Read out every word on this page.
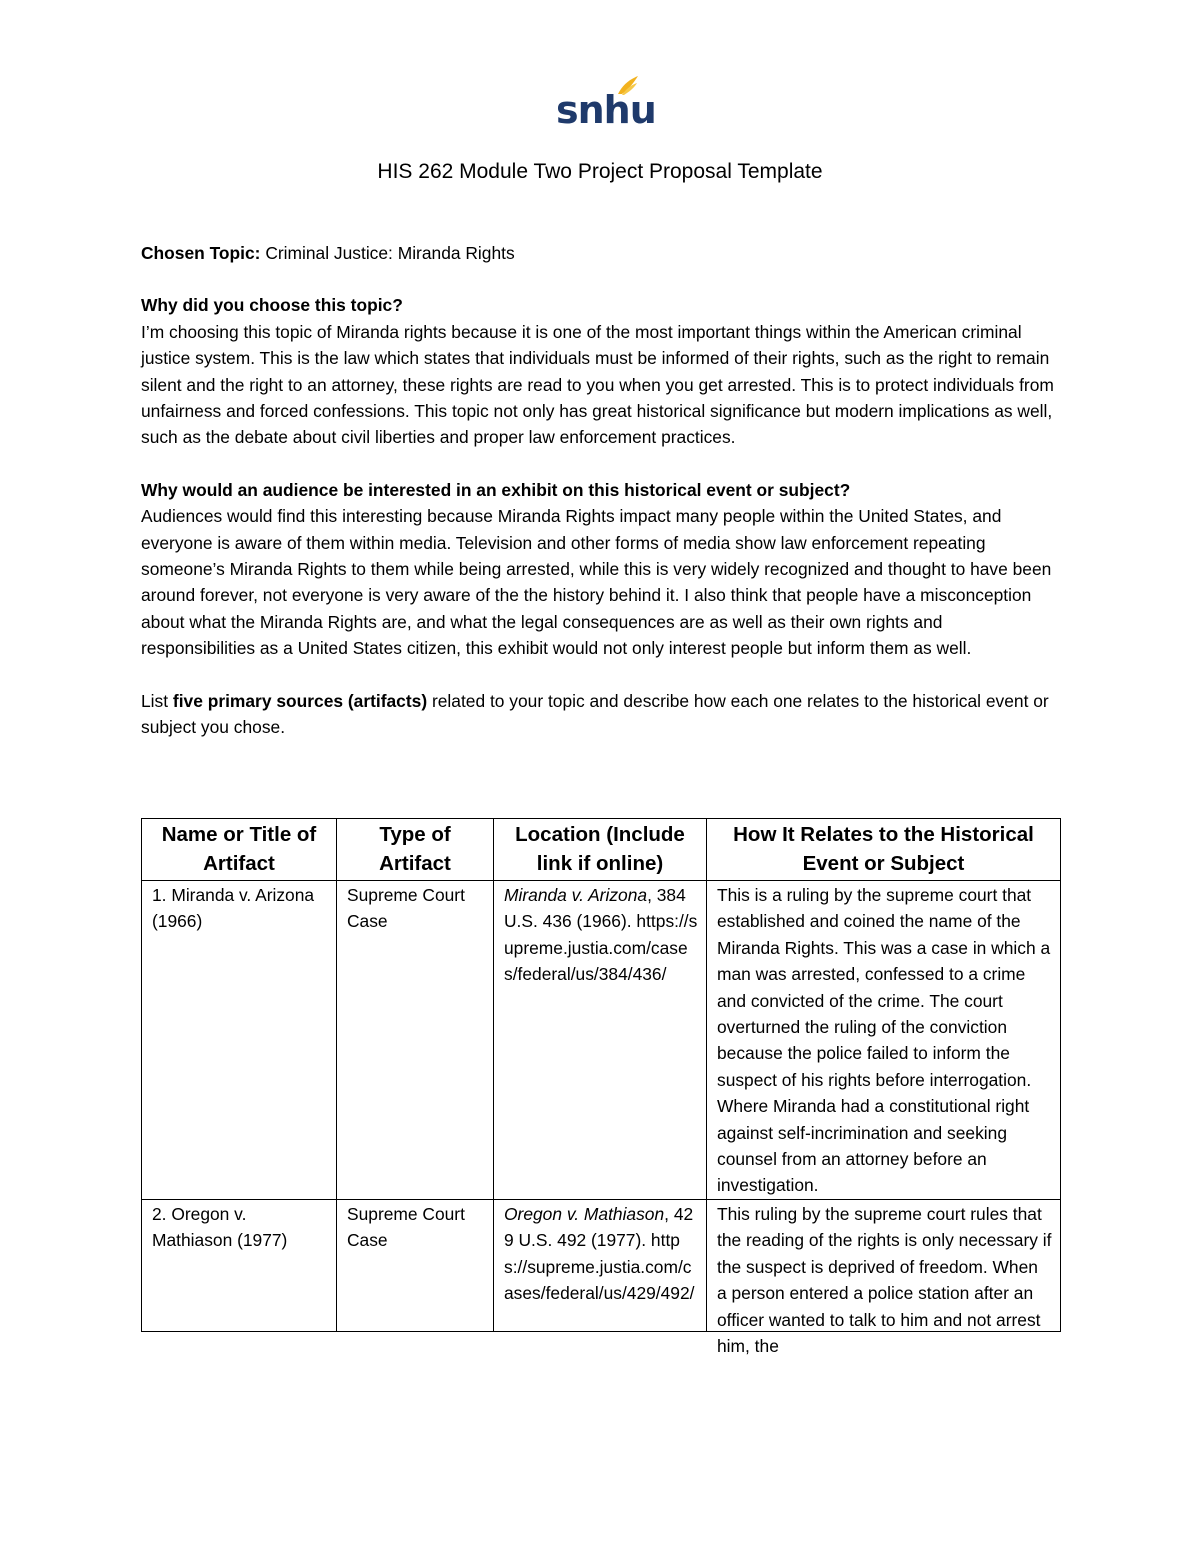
snhu
HIS 262 Module Two Project Proposal Template

Chosen Topic: Criminal Justice: Miranda Rights

Why did you choose this topic?

I’m choosing this topic of Miranda rights because it is one of the most important things within the American criminal justice system. This is the law which states that individuals must be informed of their rights, such as the right to remain silent and the right to an attorney, these rights are read to you when you get arrested. This is to protect individuals from unfairness and forced confessions. This topic not only has great historical significance but modern implications as well, such as the debate about civil liberties and proper law enforcement practices.

Why would an audience be interested in an exhibit on this historical event or subject?

Audiences would find this interesting because Miranda Rights impact many people within the United States, and everyone is aware of them within media. Television and other forms of media show law enforcement repeating someone’s Miranda Rights to them while being arrested, while this is very widely recognized and thought to have been around forever, not everyone is very aware of the the history behind it. I also think that people have a misconception about what the Miranda Rights are, and what the legal consequences are as well as their own rights and responsibilities as a United States citizen, this exhibit would not only interest people but inform them as well.

List five primary sources (artifacts) related to your topic and describe how each one relates to the historical event or subject you chose.

Name or Title of Artifact	Type of Artifact	Location (Include link if online)	How It Relates to the Historical Event or Subject
1. Miranda v. Arizona (1966)	Supreme Court Case	Miranda v. Arizona, 384 U.S. 436 (1966). https://supreme.justia.com/cases/federal/us/384/436/	This is a ruling by the supreme court that established and coined the name of the Miranda Rights. This was a case in which a man was arrested, confessed to a crime and convicted of the crime. The court overturned the ruling of the conviction because the police failed to inform the suspect of his rights before interrogation. Where Miranda had a constitutional right against self-incrimination and seeking counsel from an attorney before an investigation.
2. Oregon v. Mathiason (1977)	Supreme Court Case	Oregon v. Mathiason, 429 U.S. 492 (1977). https://supreme.justia.com/cases/federal/us/429/492/	This ruling by the supreme court rules that the reading of the rights is only necessary if the suspect is deprived of freedom. When a person entered a police station after an officer wanted to talk to him and not arrest him, the
